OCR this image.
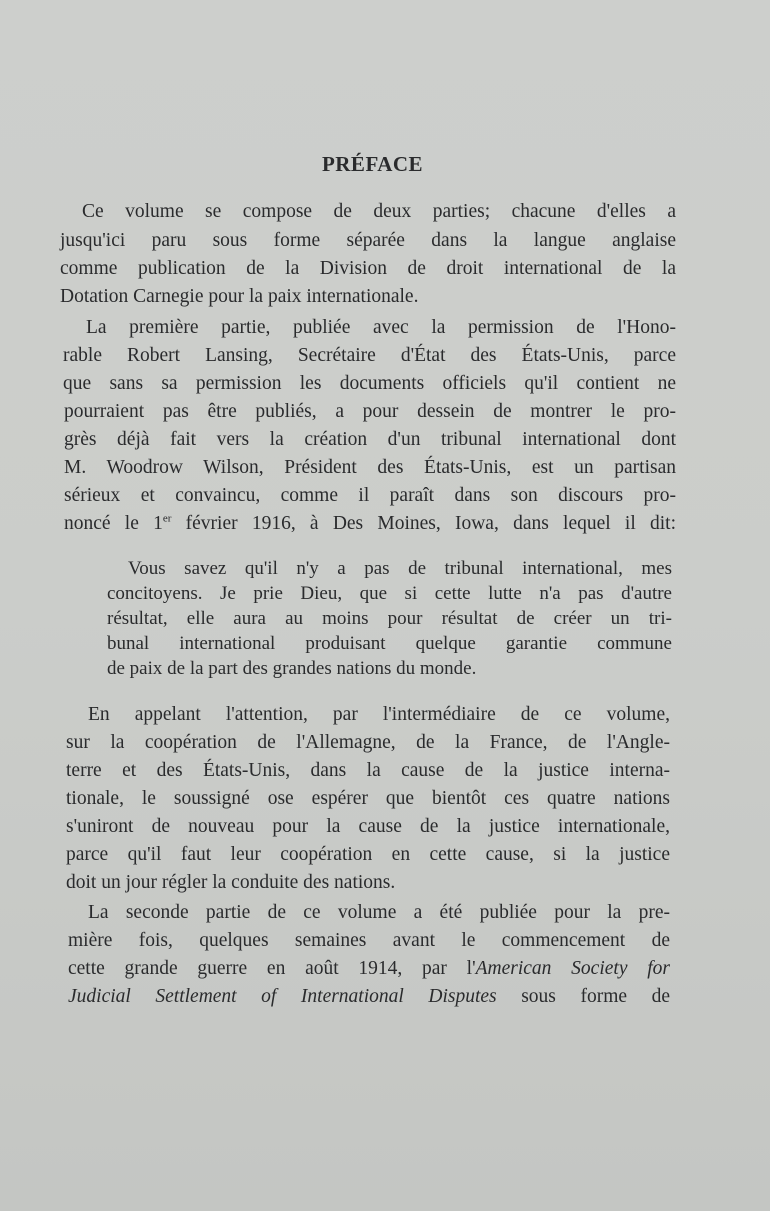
PRÉFACE
Ce volume se compose de deux parties; chacune d'elles a
jusqu'ici paru sous forme séparée dans la langue anglaise
comme publication de la Division de droit international de la
Dotation Carnegie pour la paix internationale.
La première partie, publiée avec la permission de l'Hono-
rable Robert Lansing, Secrétaire d'État des États-Unis, parce
que sans sa permission les documents officiels qu'il contient ne
pourraient pas être publiés, a pour dessein de montrer le pro-
grès déjà fait vers la création d'un tribunal international dont
M. Woodrow Wilson, Président des États-Unis, est un partisan
sérieux et convaincu, comme il paraît dans son discours pro-
noncé le 1er février 1916, à Des Moines, Iowa, dans lequel il dit:
Vous savez qu'il n'y a pas de tribunal international, mes
concitoyens. Je prie Dieu, que si cette lutte n'a pas d'autre
résultat, elle aura au moins pour résultat de créer un tri-
bunal international produisant quelque garantie commune
de paix de la part des grandes nations du monde.
En appelant l'attention, par l'intermédiaire de ce volume,
sur la coopération de l'Allemagne, de la France, de l'Angle-
terre et des États-Unis, dans la cause de la justice interna-
tionale, le soussigné ose espérer que bientôt ces quatre nations
s'uniront de nouveau pour la cause de la justice internationale,
parce qu'il faut leur coopération en cette cause, si la justice
doit un jour régler la conduite des nations.
La seconde partie de ce volume a été publiée pour la pre-
mière fois, quelques semaines avant le commencement de
cette grande guerre en août 1914, par l'American Society for
Judicial Settlement of International Disputes sous forme de
